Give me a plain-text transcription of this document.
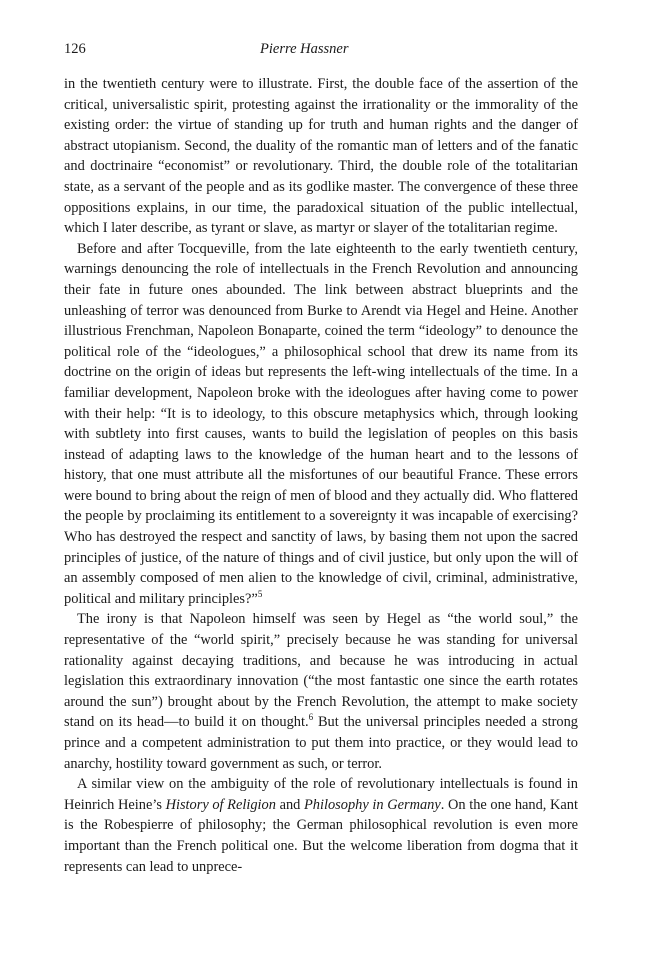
126	Pierre Hassner

in the twentieth century were to illustrate. First, the double face of the assertion of the critical, universalistic spirit, protesting against the irrationality or the immorality of the existing order: the virtue of standing up for truth and human rights and the danger of abstract utopianism. Second, the duality of the romantic man of letters and of the fanatic and doctrinaire “economist” or revolutionary. Third, the double role of the totalitarian state, as a servant of the people and as its godlike master. The convergence of these three oppositions explains, in our time, the paradoxical situation of the public intellectual, which I later describe, as tyrant or slave, as martyr or slayer of the totalitarian regime.

Before and after Tocqueville, from the late eighteenth to the early twentieth century, warnings denouncing the role of intellectuals in the French Revolution and announcing their fate in future ones abounded. The link between abstract blueprints and the unleashing of terror was denounced from Burke to Arendt via Hegel and Heine. Another illustrious Frenchman, Napoleon Bonaparte, coined the term “ideology” to denounce the political role of the “ideologues,” a philosophical school that drew its name from its doctrine on the origin of ideas but represents the left-wing intellectuals of the time. In a familiar development, Napoleon broke with the ideologues after having come to power with their help: “It is to ideology, to this obscure metaphysics which, through looking with subtlety into first causes, wants to build the legislation of peoples on this basis instead of adapting laws to the knowledge of the human heart and to the lessons of history, that one must attribute all the misfortunes of our beautiful France. These errors were bound to bring about the reign of men of blood and they actually did. Who flattered the people by proclaiming its entitlement to a sovereignty it was incapable of exercising? Who has destroyed the respect and sanctity of laws, by basing them not upon the sacred principles of justice, of the nature of things and of civil justice, but only upon the will of an assembly composed of men alien to the knowledge of civil, criminal, administrative, political and military principles?”$^5$

The irony is that Napoleon himself was seen by Hegel as “the world soul,” the representative of the “world spirit,” precisely because he was standing for universal rationality against decaying traditions, and because he was introducing in actual legislation this extraordinary innovation (“the most fantastic one since the earth rotates around the sun”) brought about by the French Revolution, the attempt to make society stand on its head—to build it on thought.$^6$ But the universal principles needed a strong prince and a competent administration to put them into practice, or they would lead to anarchy, hostility toward government as such, or terror.

A similar view on the ambiguity of the role of revolutionary intellectuals is found in Heinrich Heine’s History of Religion and Philosophy in Germany. On the one hand, Kant is the Robespierre of philosophy; the German philosophical revolution is even more important than the French political one. But the welcome liberation from dogma that it represents can lead to unprece-
